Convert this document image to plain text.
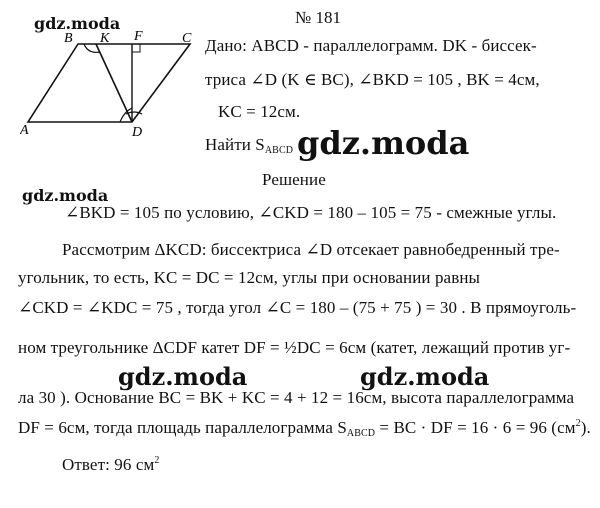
B K F	C
A	D
gdz.moda	№ 181
Дано: ABCD - параллелограмм. DK - биссек-
триса ∠D (K ∈ BC), ∠BKD = 105 , BK = 4см,
KC = 12см.
Найти $S_{ABCD}$ gdz.moda
Решение
gdz.moda
∠BKD = 105 по условию, ∠CKD = 180 – 105 = 75 - смежные углы.
Рассмотрим ΔKCD: биссектриса ∠D отсекает равнобедренный тре-
угольник, то есть, KC = DC = 12см, углы при основании равны
∠CKD = ∠KDC = 75 , тогда угол ∠C = 180 – (75 + 75 ) = 30 . В прямоуголь-
ном треугольнике ΔCDF катет DF = ½DC = 6см (катет, лежащий против уг-
gdz.moda	gdz.moda
ла 30 ). Основание BC = BK + KC = 4 + 12 = 16см, высота параллелограмма
DF = 6см, тогда площадь параллелограмма $S_{ABCD}$ = BC · DF = 16 · 6 = 96 $(см^2)$.
Ответ: 96 $см^2$
